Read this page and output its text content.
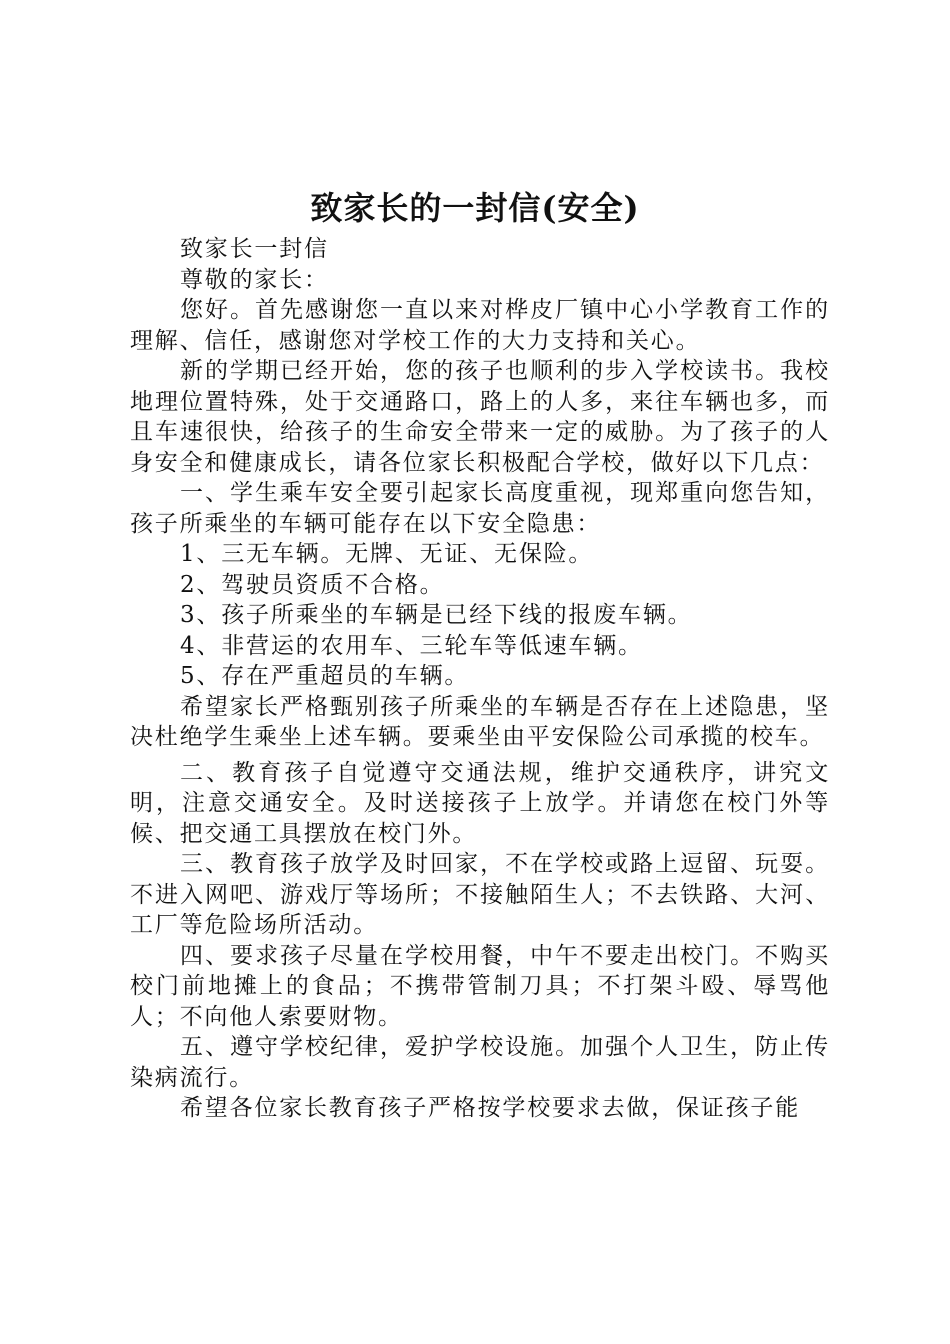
致家长的一封信(安全)

致家长一封信

尊敬的家长：

您好。首先感谢您一直以来对桦皮厂镇中心小学教育工作的理解、信任，感谢您对学校工作的大力支持和关心。

新的学期已经开始，您的孩子也顺利的步入学校读书。我校地理位置特殊，处于交通路口，路上的人多，来往车辆也多，而且车速很快，给孩子的生命安全带来一定的威胁。为了孩子的人身安全和健康成长，请各位家长积极配合学校，做好以下几点：

一、学生乘车安全要引起家长高度重视，现郑重向您告知，孩子所乘坐的车辆可能存在以下安全隐患：

1、三无车辆。无牌、无证、无保险。

2、驾驶员资质不合格。

3、孩子所乘坐的车辆是已经下线的报废车辆。

4、非营运的农用车、三轮车等低速车辆。

5、存在严重超员的车辆。

希望家长严格甄别孩子所乘坐的车辆是否存在上述隐患，坚决杜绝学生乘坐上述车辆。要乘坐由平安保险公司承揽的校车。

二、教育孩子自觉遵守交通法规，维护交通秩序，讲究文明，注意交通安全。及时送接孩子上放学。并请您在校门外等候、把交通工具摆放在校门外。

三、教育孩子放学及时回家，不在学校或路上逗留、玩耍。不进入网吧、游戏厅等场所；不接触陌生人；不去铁路、大河、工厂等危险场所活动。

四、要求孩子尽量在学校用餐，中午不要走出校门。不购买校门前地摊上的食品；不携带管制刀具；不打架斗殴、辱骂他人；不向他人索要财物。

五、遵守学校纪律，爱护学校设施。加强个人卫生，防止传染病流行。

希望各位家长教育孩子严格按学校要求去做，保证孩子能
